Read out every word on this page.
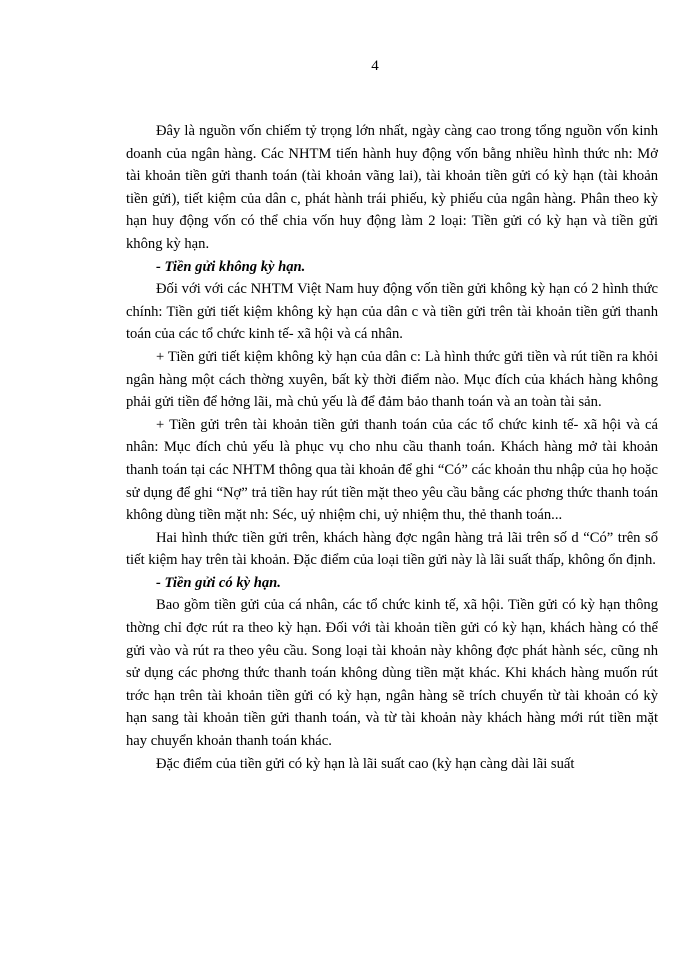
4

Đây là nguồn vốn chiếm tỷ trọng lớn nhất, ngày càng cao trong tổng nguồn vốn kinh doanh của ngân hàng. Các NHTM tiến hành huy động vốn bằng nhiều hình thức nh: Mở tài khoản tiền gửi thanh toán (tài khoản vãng lai), tài khoản tiền gửi có kỳ hạn (tài khoản tiền gửi), tiết kiệm của dân c, phát hành trái phiếu, kỳ phiếu của ngân hàng. Phân theo kỳ hạn huy động vốn có thể chia vốn huy động làm 2 loại: Tiền gửi có kỳ hạn và tiền gửi không kỳ hạn.

- Tiền gửi không kỳ hạn.

Đối với với các NHTM Việt Nam huy động vốn tiền gửi không kỳ hạn có 2 hình thức chính: Tiền gửi tiết kiệm không kỳ hạn của dân c và tiền gửi trên tài khoản tiền gửi thanh toán của các tổ chức kinh tế- xã hội và cá nhân.

+ Tiền gửi tiết kiệm không kỳ hạn của dân c: Là hình thức gửi tiền và rút tiền ra khỏi ngân hàng một cách thờng xuyên, bất kỳ thời điểm nào. Mục đích của khách hàng không phải gửi tiền để hởng lãi, mà chủ yếu là để đảm bảo thanh toán và an toàn tài sản.

+ Tiền gửi trên tài khoản tiền gửi thanh toán của các tổ chức kinh tế- xã hội và cá nhân: Mục đích chủ yếu là phục vụ cho nhu cầu thanh toán. Khách hàng mở tài khoản thanh toán tại các NHTM thông qua tài khoản để ghi “Có” các khoản thu nhập của họ hoặc sử dụng để ghi “Nợ” trả tiền hay rút tiền mặt theo yêu cầu bằng các phơng thức thanh toán không dùng tiền mặt nh: Séc, uỷ nhiệm chi, uỷ nhiệm thu, thẻ thanh toán...

Hai hình thức tiền gửi trên, khách hàng đợc ngân hàng trả lãi trên số d “Có” trên sổ tiết kiệm hay trên tài khoản. Đặc điểm của loại tiền gửi này là lãi suất thấp, không ổn định.

- Tiền gửi có kỳ hạn.

Bao gồm tiền gửi của cá nhân, các tổ chức kinh tế, xã hội. Tiền gửi có kỳ hạn thông thờng chỉ đợc rút ra theo kỳ hạn. Đối với tài khoản tiền gửi có kỳ hạn, khách hàng có thể gửi vào và rút ra theo yêu cầu. Song loại tài khoản này không đợc phát hành séc, cũng nh sử dụng các phơng thức thanh toán không dùng tiền mặt khác. Khi khách hàng muốn rút trớc hạn trên tài khoản tiền gửi có kỳ hạn, ngân hàng sẽ trích chuyển từ tài khoản có kỳ hạn sang tài khoản tiền gửi thanh toán, và từ tài khoản này khách hàng mới rút tiền mặt hay chuyển khoản thanh toán khác.

Đặc điểm của tiền gửi có kỳ hạn là lãi suất cao (kỳ hạn càng dài lãi suất
